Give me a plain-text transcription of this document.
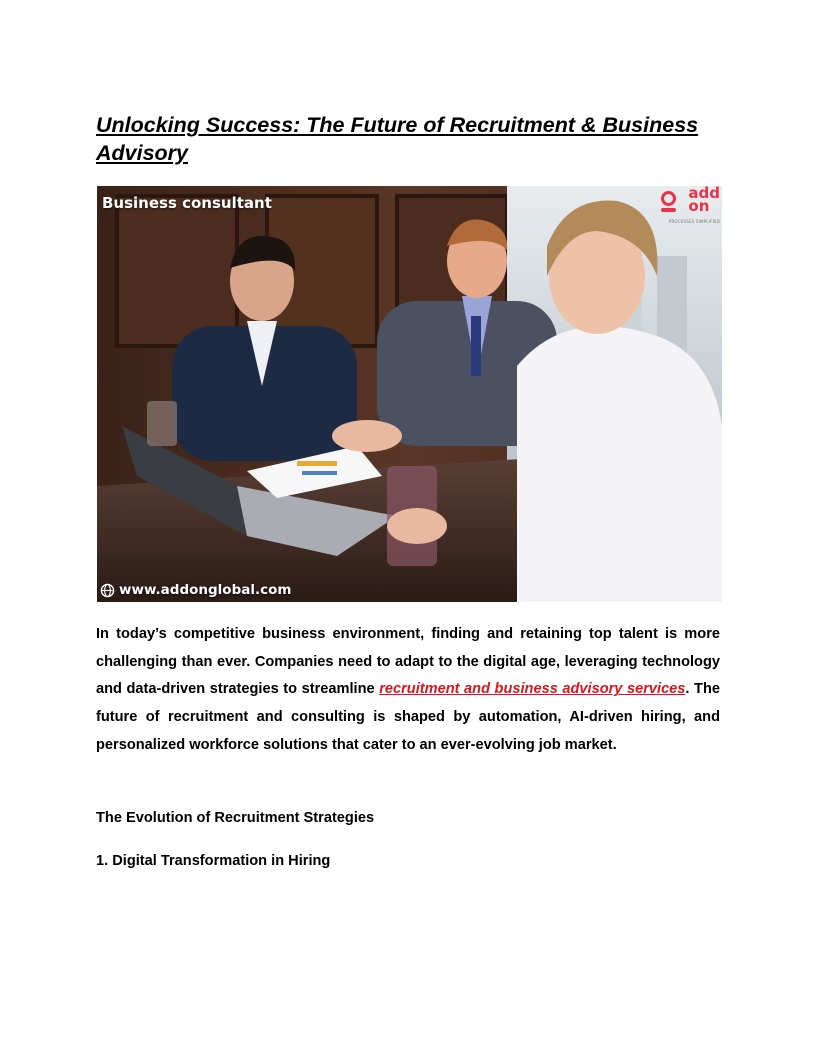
Unlocking Success: The Future of Recruitment & Business Advisory
Business consultant
add
on
PROCESSES SIMPLIFIED
www.addonglobal.com

In today’s competitive business environment, finding and retaining top talent is more challenging than ever. Companies need to adapt to the digital age, leveraging technology and data-driven strategies to streamline recruitment and business advisory services. The future of recruitment and consulting is shaped by automation, AI-driven hiring, and personalized workforce solutions that cater to an ever-evolving job market.

The Evolution of Recruitment Strategies
1. Digital Transformation in Hiring
